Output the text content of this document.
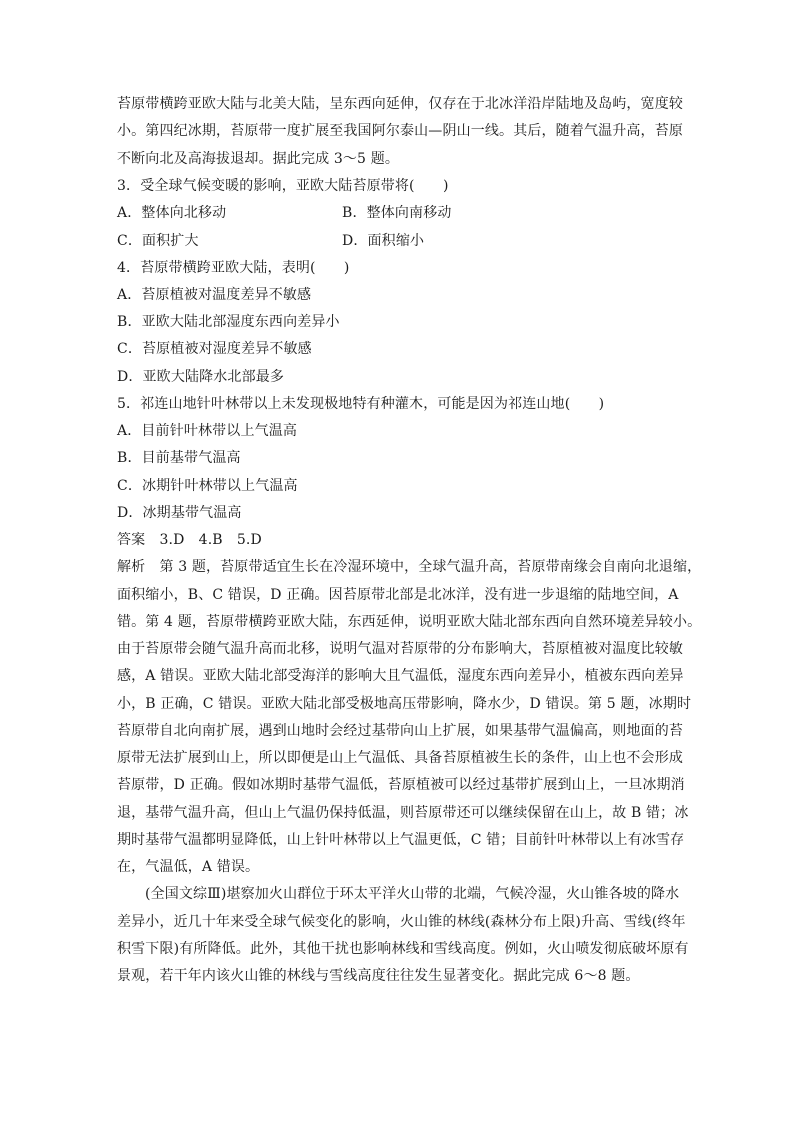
苔原带横跨亚欧大陆与北美大陆，呈东西向延伸，仅存在于北冰洋沿岸陆地及岛屿，宽度较
小。第四纪冰期，苔原带一度扩展至我国阿尔泰山—阴山一线。其后，随着气温升高，苔原
不断向北及高海拔退却。据此完成 3～5 题。
3．受全球气候变暖的影响，亚欧大陆苔原带将(　　)
A．整体向北移动	B．整体向南移动
C．面积扩大	D．面积缩小
4．苔原带横跨亚欧大陆，表明(　　)
A．苔原植被对温度差异不敏感
B．亚欧大陆北部湿度东西向差异小
C．苔原植被对湿度差异不敏感
D．亚欧大陆降水北部最多
5．祁连山地针叶林带以上未发现极地特有种灌木，可能是因为祁连山地(　　)
A．目前针叶林带以上气温高
B．目前基带气温高
C．冰期针叶林带以上气温高
D．冰期基带气温高
答案　3.D　4.B　5.D
解析　第 3 题，苔原带适宜生长在冷湿环境中，全球气温升高，苔原带南缘会自南向北退缩，
面积缩小，B、C 错误，D 正确。因苔原带北部是北冰洋，没有进一步退缩的陆地空间，A
错。第 4 题，苔原带横跨亚欧大陆，东西延伸，说明亚欧大陆北部东西向自然环境差异较小。
由于苔原带会随气温升高而北移，说明气温对苔原带的分布影响大，苔原植被对温度比较敏
感，A 错误。亚欧大陆北部受海洋的影响大且气温低，湿度东西向差异小，植被东西向差异
小，B 正确，C 错误。亚欧大陆北部受极地高压带影响，降水少，D 错误。第 5 题，冰期时
苔原带自北向南扩展，遇到山地时会经过基带向山上扩展，如果基带气温偏高，则地面的苔
原带无法扩展到山上，所以即便是山上气温低、具备苔原植被生长的条件，山上也不会形成
苔原带，D 正确。假如冰期时基带气温低，苔原植被可以经过基带扩展到山上，一旦冰期消
退，基带气温升高，但山上气温仍保持低温，则苔原带还可以继续保留在山上，故 B 错；冰
期时基带气温都明显降低，山上针叶林带以上气温更低，C 错；目前针叶林带以上有冰雪存
在，气温低，A 错误。
(全国文综Ⅲ)堪察加火山群位于环太平洋火山带的北端，气候冷湿，火山锥各坡的降水
差异小，近几十年来受全球气候变化的影响，火山锥的林线(森林分布上限)升高、雪线(终年
积雪下限)有所降低。此外，其他干扰也影响林线和雪线高度。例如，火山喷发彻底破坏原有
景观，若干年内该火山锥的林线与雪线高度往往发生显著变化。据此完成 6～8 题。
